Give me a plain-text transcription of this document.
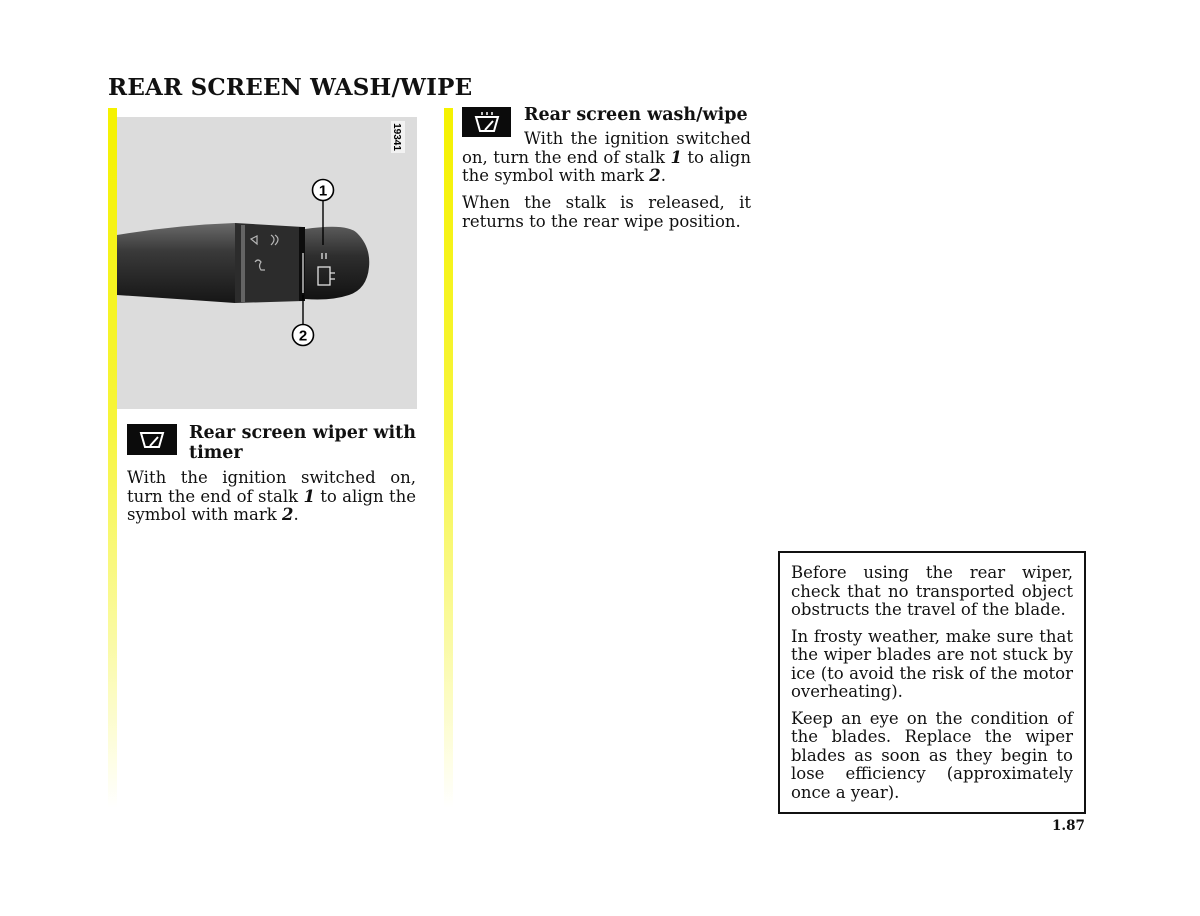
REAR SCREEN WASH/WIPE
1
2
19341
Rear screen wiper with timer

With the ignition switched on, turn the end of stalk 1 to align the symbol with mark 2.

Rear screen wash/wipe

With the ignition switched on, turn the end of stalk 1 to align the symbol with mark 2.

When the stalk is released, it returns to the rear wipe position.

Before using the rear wiper, check that no transported object obstructs the travel of the blade.

In frosty weather, make sure that the wiper blades are not stuck by ice (to avoid the risk of the motor overheating).

Keep an eye on the condition of the blades. Replace the wiper blades as soon as they begin to lose efficiency (approximately once a year).

1.87
